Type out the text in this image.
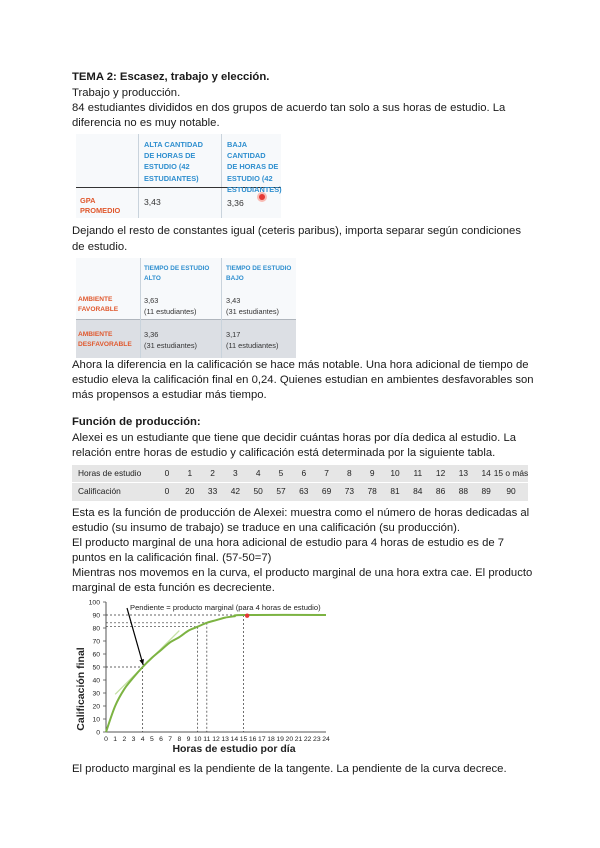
TEMA 2: Escasez, trabajo y elección.
Trabajo y producción.
84 estudiantes divididos en dos grupos de acuerdo tan solo a sus horas de estudio. La
diferencia no es muy notable.
ALTA CANTIDAD
DE HORAS DE
ESTUDIO (42
ESTUDIANTES)
BAJA CANTIDAD
DE HORAS DE
ESTUDIO (42
ESTUDIANTES)
GPA
PROMEDIO
3,43	3,36
Dejando el resto de constantes igual (ceteris paribus), importa separar según condiciones
de estudio.
TIEMPO DE ESTUDIO
ALTO
TIEMPO DE ESTUDIO
BAJO
AMBIENTE
FAVORABLE
3,63
(11 estudiantes)
3,43
(31 estudiantes)
AMBIENTE
DESFAVORABLE
3,36
(31 estudiantes)
3,17
(11 estudiantes)
Ahora la diferencia en la calificación se hace más notable. Una hora adicional de tiempo de
estudio eleva la calificación final en 0,24. Quienes estudian en ambientes desfavorables son
más propensos a estudiar más tiempo.
Función de producción:
Alexei es un estudiante que tiene que decidir cuántas horas por día dedica al estudio. La
relación entre horas de estudio y calificación está determinada por la siguiente tabla.
Horas de estudio
Calificación
0
0
1
20
2
33
3
42
4
50
5
57
6
63
7
69
8
73
9
78
10
81
11
84
12
86
13
88
14
89
15 o más
90
Esta es la función de producción de Alexei: muestra como el número de horas dedicadas al
estudio (su insumo de trabajo) se traduce en una calificación (su producción).
El producto marginal de una hora adicional de estudio para 4 horas de estudio es de 7
puntos en la calificación final. (57-50=7)
Mientras nos movemos en la curva, el producto marginal de una hora extra cae. El producto
marginal de esta función es decreciente.
Calificación final
Horas de estudio por día
Pendiente = producto marginal (para 4 horas de estudio)
0
10
20
30
40
50
60
70
80
90
100
0 1 2 3 4 5 6 7 8 9 10 11 12 13 14 15 16 17 18 19 20 21 22 23 24
El producto marginal es la pendiente de la tangente. La pendiente de la curva decrece.
